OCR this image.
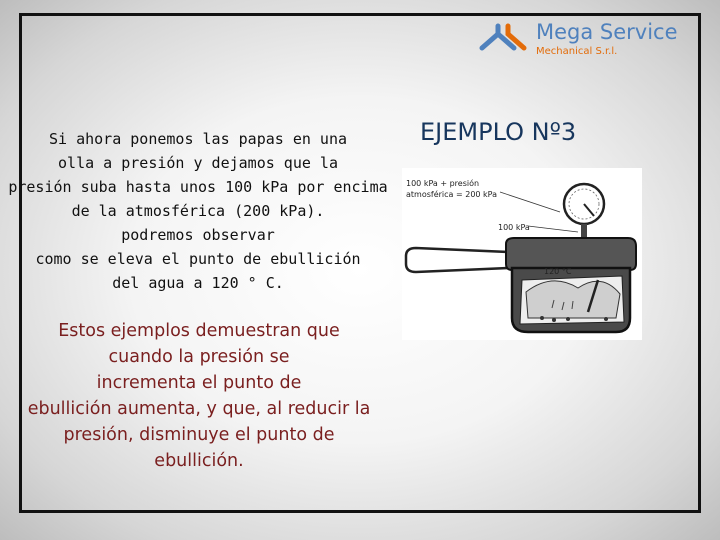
Mega Service
Mechanical S.r.l.
EJEMPLO Nº3
Si ahora ponemos las papas en una
olla a presión y dejamos que la
presión suba hasta unos 100 kPa por encima
de la atmosférica (200 kPa).
podremos observar
como se eleva el punto de ebullición
del agua a 120 ° C.
Estos ejemplos demuestran que
cuando la presión se
incrementa el punto de
ebullición aumenta, y que, al reducir la
presión, disminuye el punto de
ebullición.
100 kPa + presión
atmosférica = 200 kPa
100 kPa
120 °C
